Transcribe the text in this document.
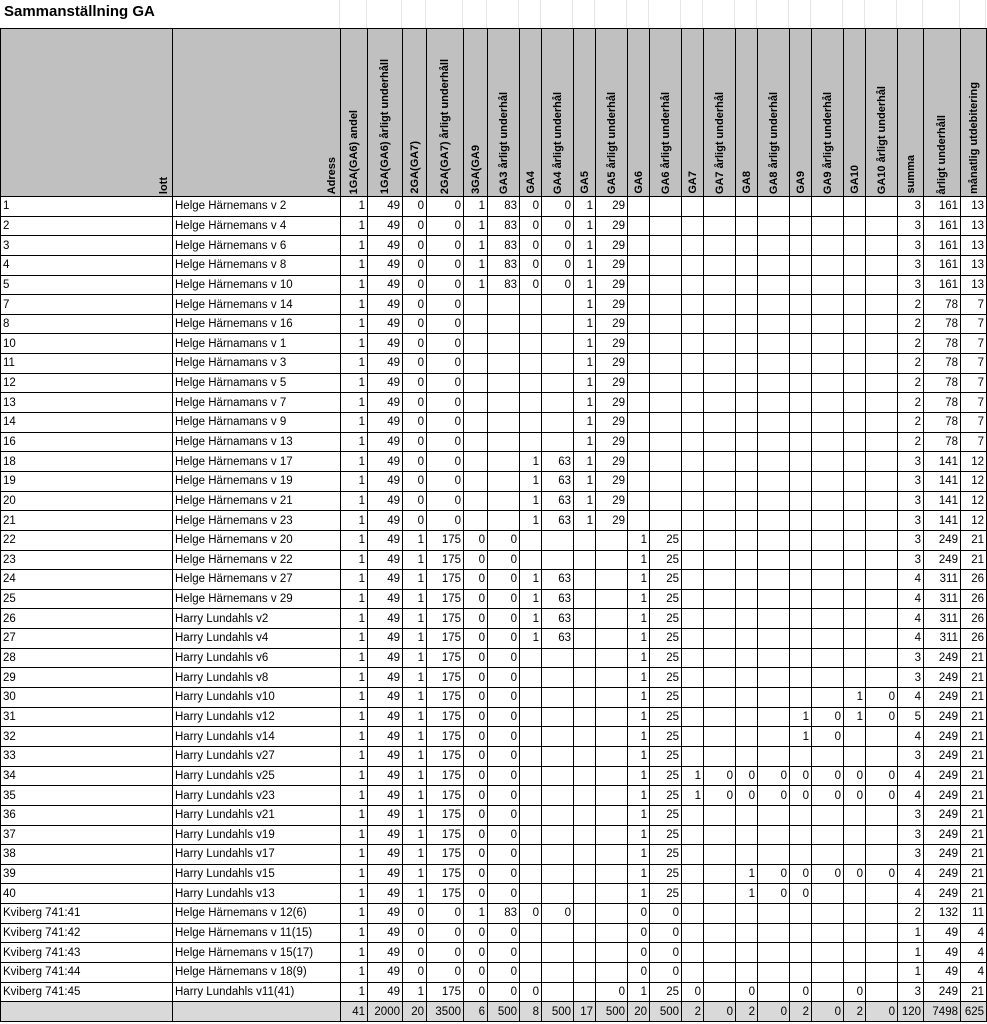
Sammanställning GA
lott	Adress	1GA(GA6) andel	1GA(GA6) årligt underhåll	2GA(GA7)	2GA(GA7) årligt underhåll	3GA(GA9	GA3 årligt underhål	GA4	GA4 årligt underhål	GA5	GA5 årligt underhål	GA6	GA6 årligt underhål	GA7	GA7 årligt underhål	GA8	GA8 årligt underhål	GA9	GA9 årligt underhål	GA10	GA10 årligt underhål	summa	årligt underhåll	månatlig utdebitering

1	Helge Härnemans v 2	1	49	0	0	1	83	0	0	1	29											3	161	13
2	Helge Härnemans v 4	1	49	0	0	1	83	0	0	1	29											3	161	13
3	Helge Härnemans v 6	1	49	0	0	1	83	0	0	1	29											3	161	13
4	Helge Härnemans v 8	1	49	0	0	1	83	0	0	1	29											3	161	13
5	Helge Härnemans v 10	1	49	0	0	1	83	0	0	1	29											3	161	13
7	Helge Härnemans v 14	1	49	0	0					1	29											2	78	7
8	Helge Härnemans v 16	1	49	0	0					1	29											2	78	7
10	Helge Härnamans v 1	1	49	0	0					1	29											2	78	7
11	Helge Härnamans v 3	1	49	0	0					1	29											2	78	7
12	Helge Härnamans v 5	1	49	0	0					1	29											2	78	7
13	Helge Härnamans v 7	1	49	0	0					1	29											2	78	7
14	Helge Härnamans v 9	1	49	0	0					1	29											2	78	7
16	Helge Härnamans v 13	1	49	0	0					1	29											2	78	7
18	Helge Härnemans v 17	1	49	0	0			1	63	1	29											3	141	12
19	Helge Härnemans v 19	1	49	0	0			1	63	1	29											3	141	12
20	Helge Härnemans v 21	1	49	0	0			1	63	1	29											3	141	12
21	Helge Härnemans v 23	1	49	0	0			1	63	1	29											3	141	12
22	Helge Härnemans v 20	1	49	1	175	0	0					1	25									3	249	21
23	Helge Härnemans v 22	1	49	1	175	0	0					1	25									3	249	21
24	Helge Härnemans v 27	1	49	1	175	0	0	1	63			1	25									4	311	26
25	Helge Härnemans v 29	1	49	1	175	0	0	1	63			1	25									4	311	26
26	Harry Lundahls v2	1	49	1	175	0	0	1	63			1	25									4	311	26
27	Harry Lundahls v4	1	49	1	175	0	0	1	63			1	25									4	311	26
28	Harry Lundahls v6	1	49	1	175	0	0					1	25									3	249	21
29	Harry Lundahls v8	1	49	1	175	0	0					1	25									3	249	21
30	Harry Lundahls v10	1	49	1	175	0	0					1	25							1	0	4	249	21
31	Harry Lundahls v12	1	49	1	175	0	0					1	25					1	0	1	0	5	249	21
32	Harry Lundahls v14	1	49	1	175	0	0					1	25					1	0			4	249	21
33	Harry Lundahls v27	1	49	1	175	0	0					1	25									3	249	21
34	Harry Lundahls v25	1	49	1	175	0	0					1	25	1	0	0	0	0	0	0	0	4	249	21
35	Harry Lundahls v23	1	49	1	175	0	0					1	25	1	0	0	0	0	0	0	0	4	249	21
36	Harry Lundahls v21	1	49	1	175	0	0					1	25									3	249	21
37	Harry Lundahls v19	1	49	1	175	0	0					1	25									3	249	21
38	Harry Lundahls v17	1	49	1	175	0	0					1	25									3	249	21
39	Harry Lundahls v15	1	49	1	175	0	0					1	25			1	0	0	0	0	0	4	249	21
40	Harry Lundahls v13	1	49	1	175	0	0					1	25			1	0	0				4	249	21
Kviberg 741:41	Helge Härnemans v 12(6)	1	49	0	0	1	83	0	0			0	0									2	132	11
Kviberg 741:42	Helge Härnemans v 11(15)	1	49	0	0	0	0					0	0									1	49	4
Kviberg 741:43	Helge Härnemans v 15(17)	1	49	0	0	0	0					0	0									1	49	4
Kviberg 741:44	Helge Härnemans v 18(9)	1	49	0	0	0	0					0	0									1	49	4
Kviberg 741:45	Harry Lundahls v11(41)	1	49	1	175	0	0	0			0	1	25	0		0		0		0		3	249	21
		41	2000	20	3500	6	500	8	500	17	500	20	500	2	0	2	0	2	0	2	0	120	7498	625
